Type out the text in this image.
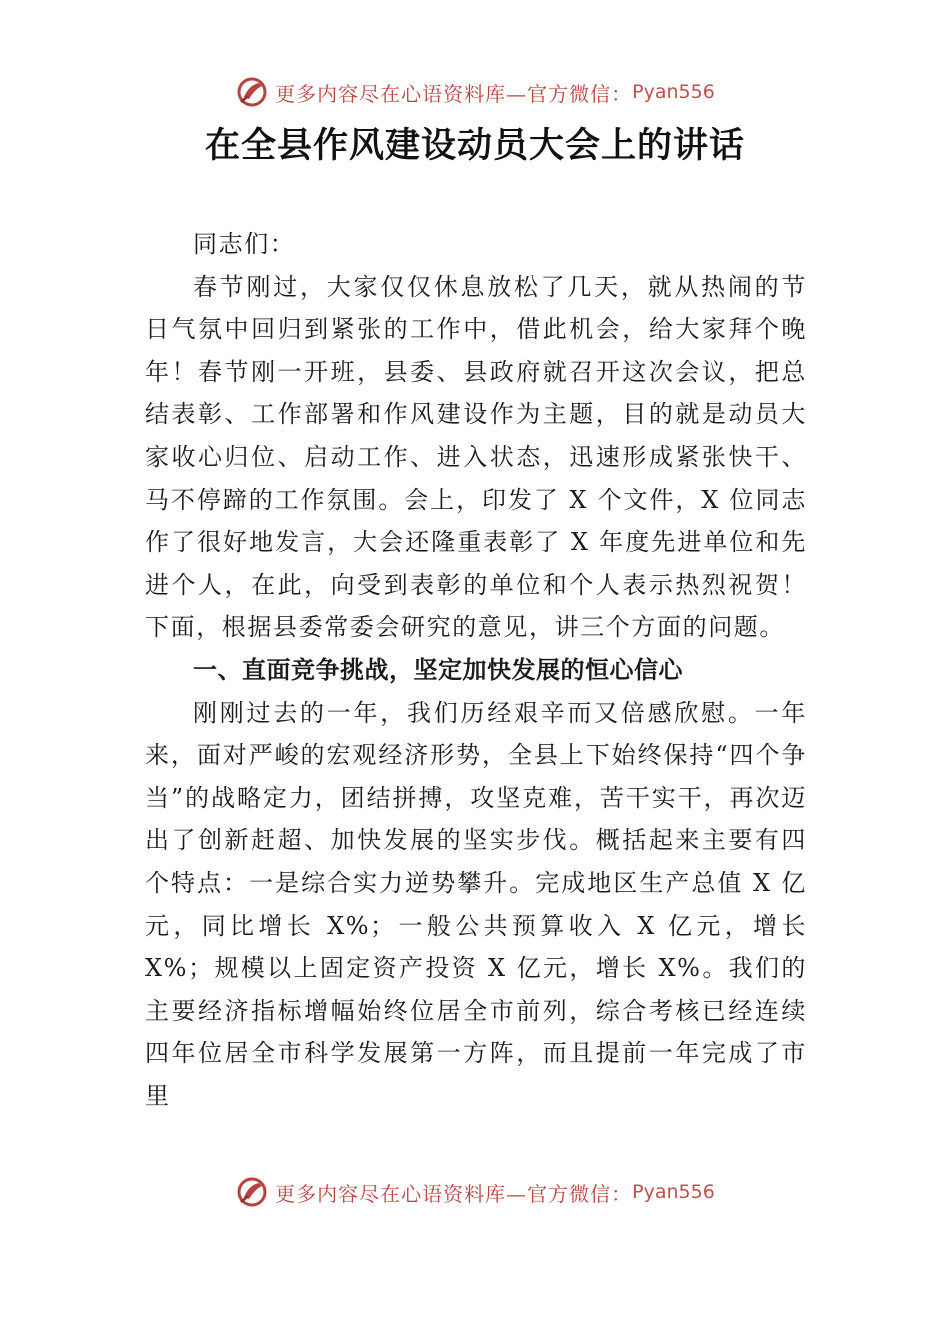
更多内容尽在心语资料库—官方微信： Pyan556
在全县作风建设动员大会上的讲话

同志们：

春节刚过，大家仅仅休息放松了几天，就从热闹的节日气氛中回归到紧张的工作中，借此机会，给大家拜个晚年！春节刚一开班，县委、县政府就召开这次会议，把总结表彰、工作部署和作风建设作为主题，目的就是动员大家收心归位、启动工作、进入状态，迅速形成紧张快干、马不停蹄的工作氛围。会上，印发了 X 个文件，X 位同志作了很好地发言，大会还隆重表彰了 X 年度先进单位和先进个人，在此，向受到表彰的单位和个人表示热烈祝贺！下面，根据县委常委会研究的意见，讲三个方面的问题。

一、直面竞争挑战，坚定加快发展的恒心信心

刚刚过去的一年，我们历经艰辛而又倍感欣慰。一年来，面对严峻的宏观经济形势，全县上下始终保持“四个争当”的战略定力，团结拼搏，攻坚克难，苦干实干，再次迈出了创新赶超、加快发展的坚实步伐。概括起来主要有四个特点：一是综合实力逆势攀升。完成地区生产总值 X 亿元，同比增长 X%；一般公共预算收入 X 亿元，增长 X%；规模以上固定资产投资 X 亿元，增长 X%。我们的主要经济指标增幅始终位居全市前列，综合考核已经连续四年位居全市科学发展第一方阵，而且提前一年完成了市里

更多内容尽在心语资料库—官方微信： Pyan556
